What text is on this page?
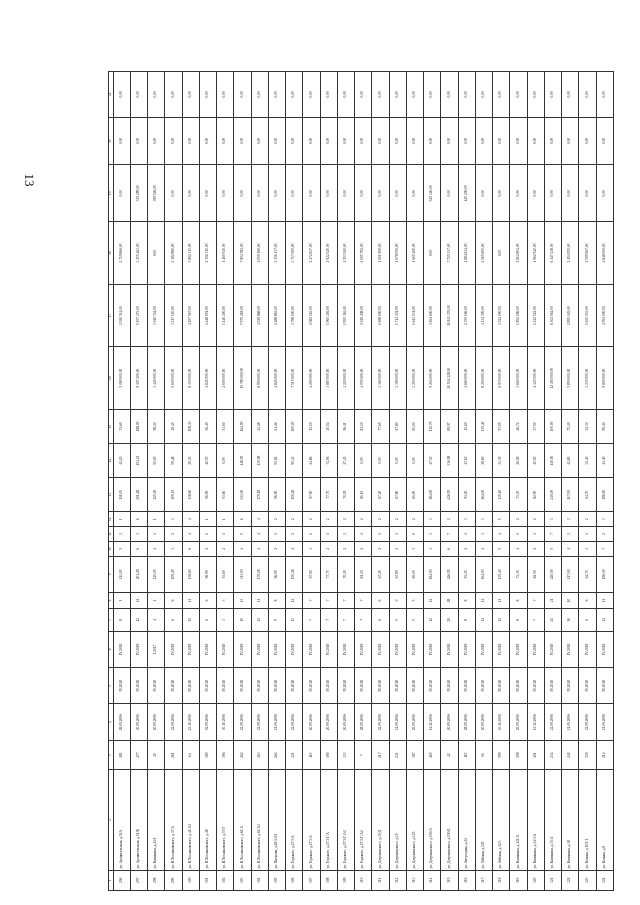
13
1	2	3	4	5	6	7	8	9	10	11	12	13	14	15	16	17	18	19	20	21
296	ул. Архангельская, д.51А	181	28.09.2006	IV.2018	IV.2018	8	1	111,00	5	1	1	111,00	41,20	74,60	5 080 000,00	2 920 514,00	2 719 866,00	0,00	0,00	0,00
297	ул. Архангельская, д.51/К	477	30.09.2006	IV.2018	IV.2018	12	12	201,28	6	3	6	201,28	154,22	188,00	9 197 200,00	5 157 273,00	3 255 463,00	339 289,00	0,00	0,00
298	ул. Калинина, д.41/1	45	20.09.2006	IV.2018	I.2017	4	4	125,00	4	1	1	125,00	55,00	98,20	3 440 000,00	3 040 744,00	0,00	399 526,00	0,00	0,00
299	ул. В.Хохлаковского, д.37/А	261	22.09.2006	IV.2018	IV.2018	6	6	109,49	3	2	3	109,49	59,48	49,45	5 600 000,00	3 217 120,00	2 382 880,00	0,00	0,00	0,00
300	ул. В.Хохлаковского, д.41/А1	64	23.10.2006	IV.2018	IV.2018	11	11	138,60	6	4	4	138,60	20,30	108,30	8 350 000,00	4 457 567,00	3 892 313,00	0,00	0,00	0,00
301	ул. В.Хохлаковского, д.48	380	02.09.2006	IV.2018	IV.2018	6	6	96,99	2	2	1	96,99	40,55	56,49	4 845 000,00	2 448 001,00	2 396 315,00	0,00	0,00	0,00
302	ул. В.Хохлаковского, д.57/Г	396	30.10.2006	IV.2018	IV.2018	3	3	53,60	2	1	1	53,60	0,00	53,60	2 600 000,00	1 126 200,00	1 460 915,00	0,00	0,00	0,00
303	ул. В.Хохлаковского, д.61/А	262	22.09.2006	IV.2018	IV.2018	15	13	313,00	4	5	6	313,00	148,05	164,90	15 780 000,00	7 975 218,00	7 804 782,00	0,00	0,00	0,00
304	ул. В.Хохлаковского, д.61/А3	263	22.09.2006	IV.2018	IV.2018	11	11	179,18	4	4	4	179,18	139,58	43,28	8 959 000,00	4 529 868,00	4 059 160,00	0,00	0,00	0,00
305	ул. Пионова, д.28/1/АЗ	264	21.09.2006	IV.2018	IV.2018	9	8	96,90	2	1	2	96,90	55,82	61,46	4 845 000,00	2 488 863,00	2 356 137,00	0,00	0,00	0,00
306	ул. Горького, д.27/3/А	321	22.09.2006	IV.2018	IV.2018	13	12	150,28	4	2	2	150,28	90,32	100,00	7 515 000,00	3 798 000,00	3 717 000,00	0,00	0,00	0,00
307	ул. Горького, д.27/3/А	110	20.09.2006	IV.2018	IV.2018	7	7	97,90	3	2	2	97,90	24,86	25,19	4 290 000,00	2 082 163,00	2 272 837,00	0,00	0,00	0,00
308	ул. Горького, д.27/3/Г/А	190	20.09.2006	IV.2018	IV.2018	7	7	77,75	2	1	2	77,75	74,56	20,54	3 887 000,00	1 965 436,00	1 922 520,00	0,00	0,00	0,00
309	ул. Горького, д.27/3/Г/А2	333	20.09.2006	IV.2018	IV.2018	7	7	70,29	2	1	2	70,29	27,45	96,41	3 229 000,00	1 955 316,00	1 553 500,00	0,00	0,00	0,00
310	ул. Горького, д.27/3/Г/А2	7	28.09.2006	IV.2018	IV.2018	7	7	81,10	2	1	2	81,10	0,00	81,10	4 055 000,00	2 049 208,00	2 005 792,00	0,00	0,00	0,00
311	ул. Дзержинского, д.30/Д	217	22.09.2006	IV.2018	IV.2018	6	6	67,20	2	1	2	67,20	0,00	77,65	3 360 000,00	1 698 000,00	1 651 900,00	0,00	0,00	0,00
312	ул. Дзержинского, д.10	231	21.09.2006	IV.2018	IV.2018	0	0	67,80	2	1	2	67,80	0,00	67,80	3 390 000,00	1 712 301,00	1 678 050,00	0,00	0,00	0,00
313	ул. Дзержинского, д.125	387	25.09.2006	IV.2018	IV.2018	5	5	65,00	3	0	2	65,00	0,00	65,00	3 250 000,00	1 643 531,00	1 605 400,00	0,00	0,00	0,00
314	ул. Дзержинского, д.150/А	465	16.11.2006	IV.2018	IV.2018	12	12	184,00	3	3	3	184,00	47,30	136,70	9 204 000,00	3 654 600,00	0,00	549 340,00	0,00	0,00
315	ул. Дзержинского, д.150/Б	42	20.09.2006	IV.2018	IV.2018	29	28	426,95	6	7	2	426,95	336,98	89,97	20 934 228,00	11 843 355,00	7 725 337,00	0,00	0,00	0,00
316	ул. Загородная, д.22	115	28.09.2006	IV.2018	IV.2018	8	8	93,20	2	1	3	93,20	47,60	45,60	4 660 000,00	2 355 166,00	1 884 634,00	420 200,00	0,00	0,00
317	ул. Зейская, д.145	56	20.09.2006	IV.2018	IV.2018	14	14	164,00	4	3	3	164,00	28,60	135,40	8 200 000,00	4 134 395,00	4 065 605,00	0,00	0,00	0,00
318	ул. Зейская, д.12/3	599	03.11.2006	IV.2018	IV.2018	11	11	139,40	5	4	5	139,40	33,30	57,05	6 970 000,00	3 522 000,00	0,00	0,00	0,00	0,00
319	ул. Калинина, д.121/А	198	25.09.2006	IV.2018	IV.2018	8	8	73,30	4	1	2	73,30	26,58	46,72	3 665 000,00	1 852 196,00	1 812 804,00	0,00	0,00	0,00
320	ул. Калинина, д.34/3/А	401	10.11.2006	IV.2018	IV.2018	7	7	82,50	2	1	2	82,50	45,00	37,50	4 125 000,00	2 122 522,00	1 962 940,00	0,00	0,00	0,00
321	ул. Калинина, д.35/А	234	22.09.2006	IV.2018	IV.2018	21	21	240,00	5	7	3	240,00	140,00	100,00	12 450 000,00	6 302 562,00	6 147 438,00	0,00	0,00	0,00
322	ул. Калинина, д.38	240	21.09.2006	IV.2018	IV.2018	10	10	117,00	4	1	3	117,00	41,80	75,20	5 850 000,00	2 855 045,00	2 494 955,00	0,00	0,00	0,00
323	ул. Конная, д.10/1/1	139	22.09.2006	IV.2018	IV.2018	6	6	64,70	3	1	2	64,70	32,40	32,30	3 235 000,00	1 635 033,00	1 599 967,00	0,00	0,00	0,00
324	ул. Конная, д.8	214	21.09.2006	IV.2018	IV.2018	14	14	196,00	7	2	3	196,00	41,40	99,40	9 800 000,00	4 952 000,00	4 848 000,00	0,00	0,00	0,00
